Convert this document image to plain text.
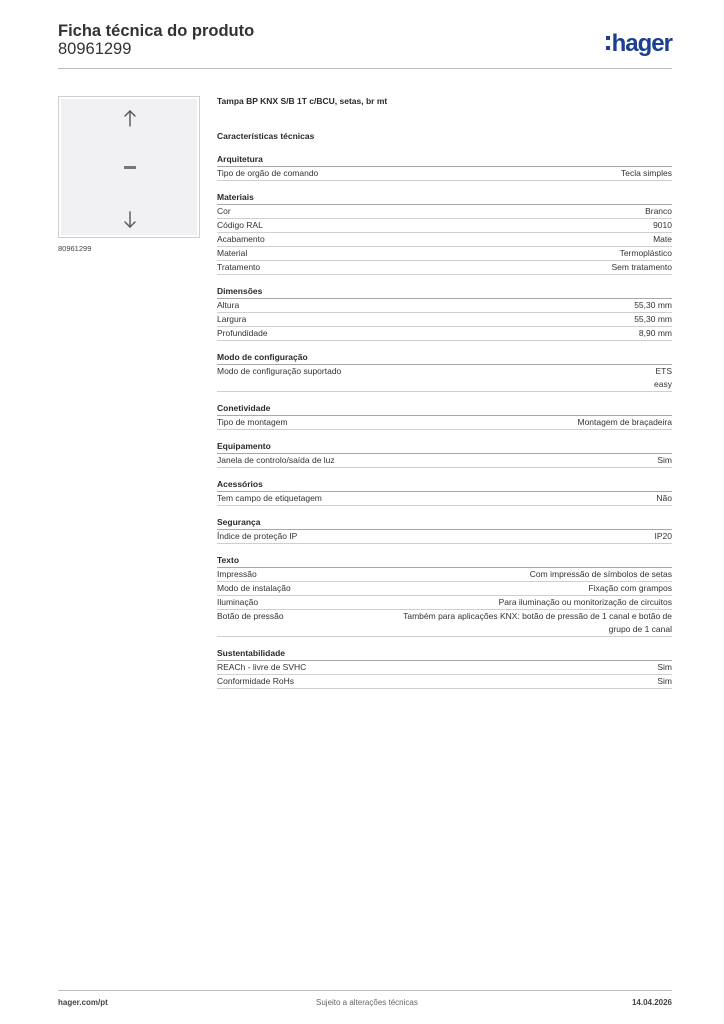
Ficha técnica do produto
80961299	hager
80961299
Tampa BP KNX S/B 1T c/BCU, setas, br mt
Características técnicas
Arquitetura
Tipo de orgão de comando	Tecla simples
Materiais
Cor	Branco
Código RAL	9010
Acabamento	Mate
Material	Termoplástico
Tratamento	Sem tratamento
Dimensões
Altura	55,30 mm
Largura	55,30 mm
Profundidade	8,90 mm
Modo de configuração
Modo de configuração suportado	ETS
easy
Conetividade
Tipo de montagem	Montagem de braçadeira
Equipamento
Janela de controlo/saída de luz	Sim
Acessórios
Tem campo de etiquetagem	Não
Segurança
Índice de proteção IP	IP20
Texto
Impressão	Com impressão de símbolos de setas
Modo de instalação	Fixação com grampos
Iluminação	Para iluminação ou monitorização de circuitos
Botão de pressão	Também para aplicações KNX: botão de pressão de 1 canal e botão de
grupo de 1 canal
Sustentabilidade
REACh - livre de SVHC	Sim
Conformidade RoHs	Sim
hager.com/pt	Sujeito a alterações técnicas	14.04.2026
